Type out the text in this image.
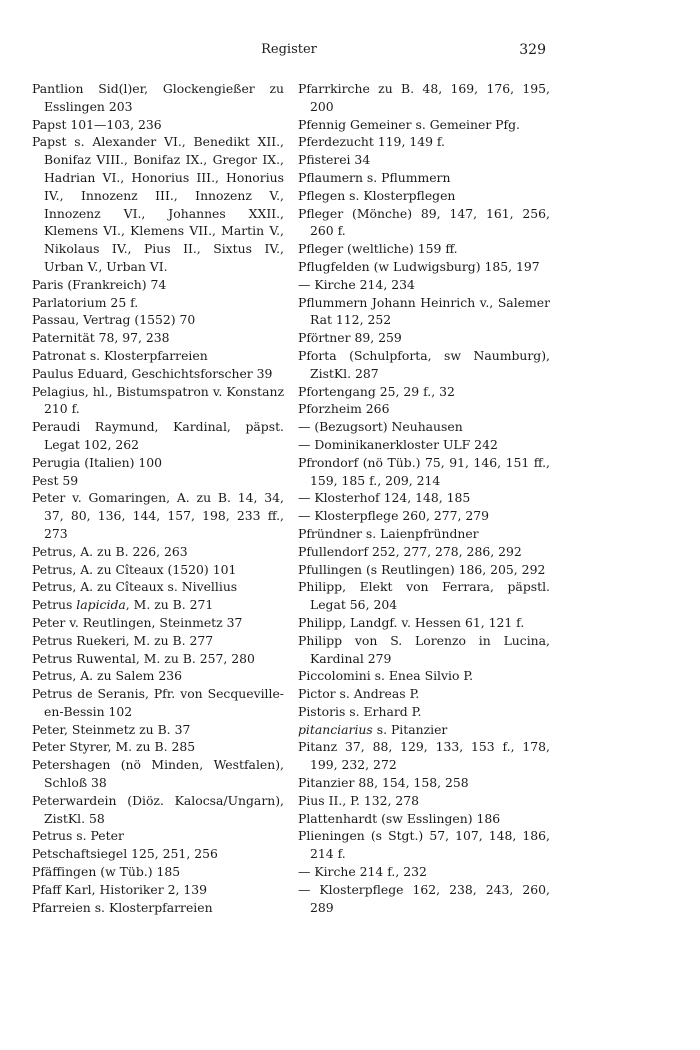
Register	329

Pantlion Sid(l)er, Glockengießer zu Esslingen 203

Papst 101—103, 236

Papst s. Alexander VI., Benedikt XII., Bonifaz VIII., Bonifaz IX., Gregor IX., Hadrian VI., Honorius III., Honorius IV., Innozenz III., Innozenz V., Innozenz VI., Johannes XXII., Klemens VI., Klemens VII., Martin V., Nikolaus IV., Pius II., Sixtus IV., Urban V., Urban VI.

Paris (Frankreich) 74

Parlatorium 25 f.

Passau, Vertrag (1552) 70

Paternität 78, 97, 238

Patronat s. Klosterpfarreien

Paulus Eduard, Geschichtsforscher 39

Pelagius, hl., Bistumspatron v. Konstanz 210 f.

Peraudi Raymund, Kardinal, päpst. Legat 102, 262

Perugia (Italien) 100

Pest 59

Peter v. Gomaringen, A. zu B. 14, 34, 37, 80, 136, 144, 157, 198, 233 ff., 273

Petrus, A. zu B. 226, 263

Petrus, A. zu Cîteaux (1520) 101

Petrus, A. zu Cîteaux s. Nivellius

Petrus lapicida, M. zu B. 271

Peter v. Reutlingen, Steinmetz 37

Petrus Ruekeri, M. zu B. 277

Petrus Ruwental, M. zu B. 257, 280

Petrus, A. zu Salem 236

Petrus de Seranis, Pfr. von Secqueville-en-Bessin 102

Peter, Steinmetz zu B. 37

Peter Styrer, M. zu B. 285

Petershagen (nö Minden, Westfalen), Schloß 38

Peterwardein (Diöz. Kalocsa/Ungarn), ZistKl. 58

Petrus s. Peter

Petschaftsiegel 125, 251, 256

Pfäffingen (w Tüb.) 185

Pfaff Karl, Historiker 2, 139

Pfarreien s. Klosterpfarreien

Pfarrkirche zu B. 48, 169, 176, 195, 200

Pfennig Gemeiner s. Gemeiner Pfg.

Pferdezucht 119, 149 f.

Pfisterei 34

Pflaumern s. Pflummern

Pflegen s. Klosterpflegen

Pfleger (Mönche) 89, 147, 161, 256, 260 f.

Pfleger (weltliche) 159 ff.

Pflugfelden (w Ludwigsburg) 185, 197

— Kirche 214, 234

Pflummern Johann Heinrich v., Salemer Rat 112, 252

Pförtner 89, 259

Pforta (Schulpforta, sw Naumburg), ZistKl. 287

Pfortengang 25, 29 f., 32

Pforzheim 266

— (Bezugsort) Neuhausen

— Dominikanerkloster ULF 242

Pfrondorf (nö Tüb.) 75, 91, 146, 151 ff., 159, 185 f., 209, 214

— Klosterhof 124, 148, 185

— Klosterpflege 260, 277, 279

Pfründner s. Laienpfründner

Pfullendorf 252, 277, 278, 286, 292

Pfullingen (s Reutlingen) 186, 205, 292

Philipp, Elekt von Ferrara, päpstl. Legat 56, 204

Philipp, Landgf. v. Hessen 61, 121 f.

Philipp von S. Lorenzo in Lucina, Kardinal 279

Piccolomini s. Enea Silvio P.

Pictor s. Andreas P.

Pistoris s. Erhard P.

pitanciarius s. Pitanzier

Pitanz 37, 88, 129, 133, 153 f., 178, 199, 232, 272

Pitanzier 88, 154, 158, 258

Pius II., P. 132, 278

Plattenhardt (sw Esslingen) 186

Plieningen (s Stgt.) 57, 107, 148, 186, 214 f.

— Kirche 214 f., 232

— Klosterpflege 162, 238, 243, 260, 289
